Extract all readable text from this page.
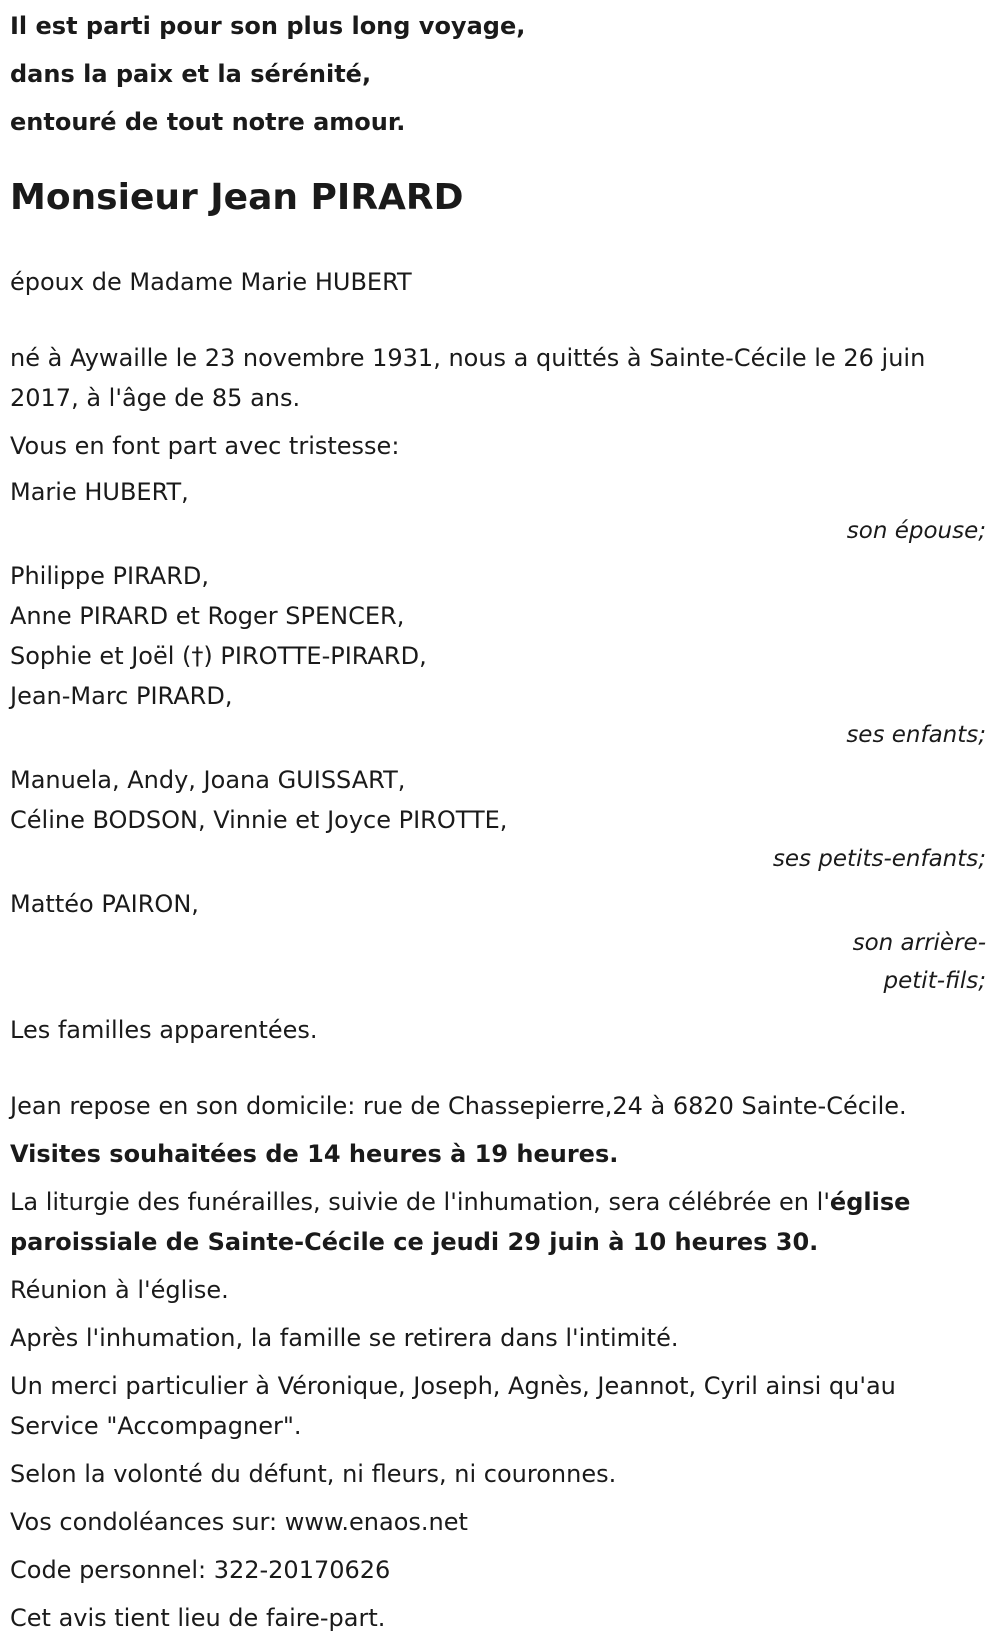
Il est parti pour son plus long voyage,
dans la paix et la sérénité,
entouré de tout notre amour.
Monsieur Jean PIRARD
époux de Madame Marie HUBERT
né à Aywaille le 23 novembre 1931, nous a quittés à Sainte-Cécile le 26 juin 2017, à l'âge de 85 ans.
Vous en font part avec tristesse:
Marie HUBERT,
son épouse;
Philippe PIRARD,
Anne PIRARD et Roger SPENCER,
Sophie et Joël (†) PIROTTE-PIRARD,
Jean-Marc PIRARD,
ses enfants;
Manuela, Andy, Joana GUISSART,
Céline BODSON, Vinnie et Joyce PIROTTE,
ses petits-enfants;
Mattéo PAIRON,
son arrière-petit-fils;
Les familles apparentées.
Jean repose en son domicile: rue de Chassepierre,24 à 6820 Sainte-Cécile.
Visites souhaitées de 14 heures à 19 heures.
La liturgie des funérailles, suivie de l'inhumation, sera célébrée en l'église paroissiale de Sainte-Cécile ce jeudi 29 juin à 10 heures 30.
Réunion à l'église.
Après l'inhumation, la famille se retirera dans l'intimité.
Un merci particulier à Véronique, Joseph, Agnès, Jeannot, Cyril ainsi qu'au Service "Accompagner".
Selon la volonté du défunt, ni fleurs, ni couronnes.
Vos condoléances sur: www.enaos.net
Code personnel: 322-20170626
Cet avis tient lieu de faire-part.
